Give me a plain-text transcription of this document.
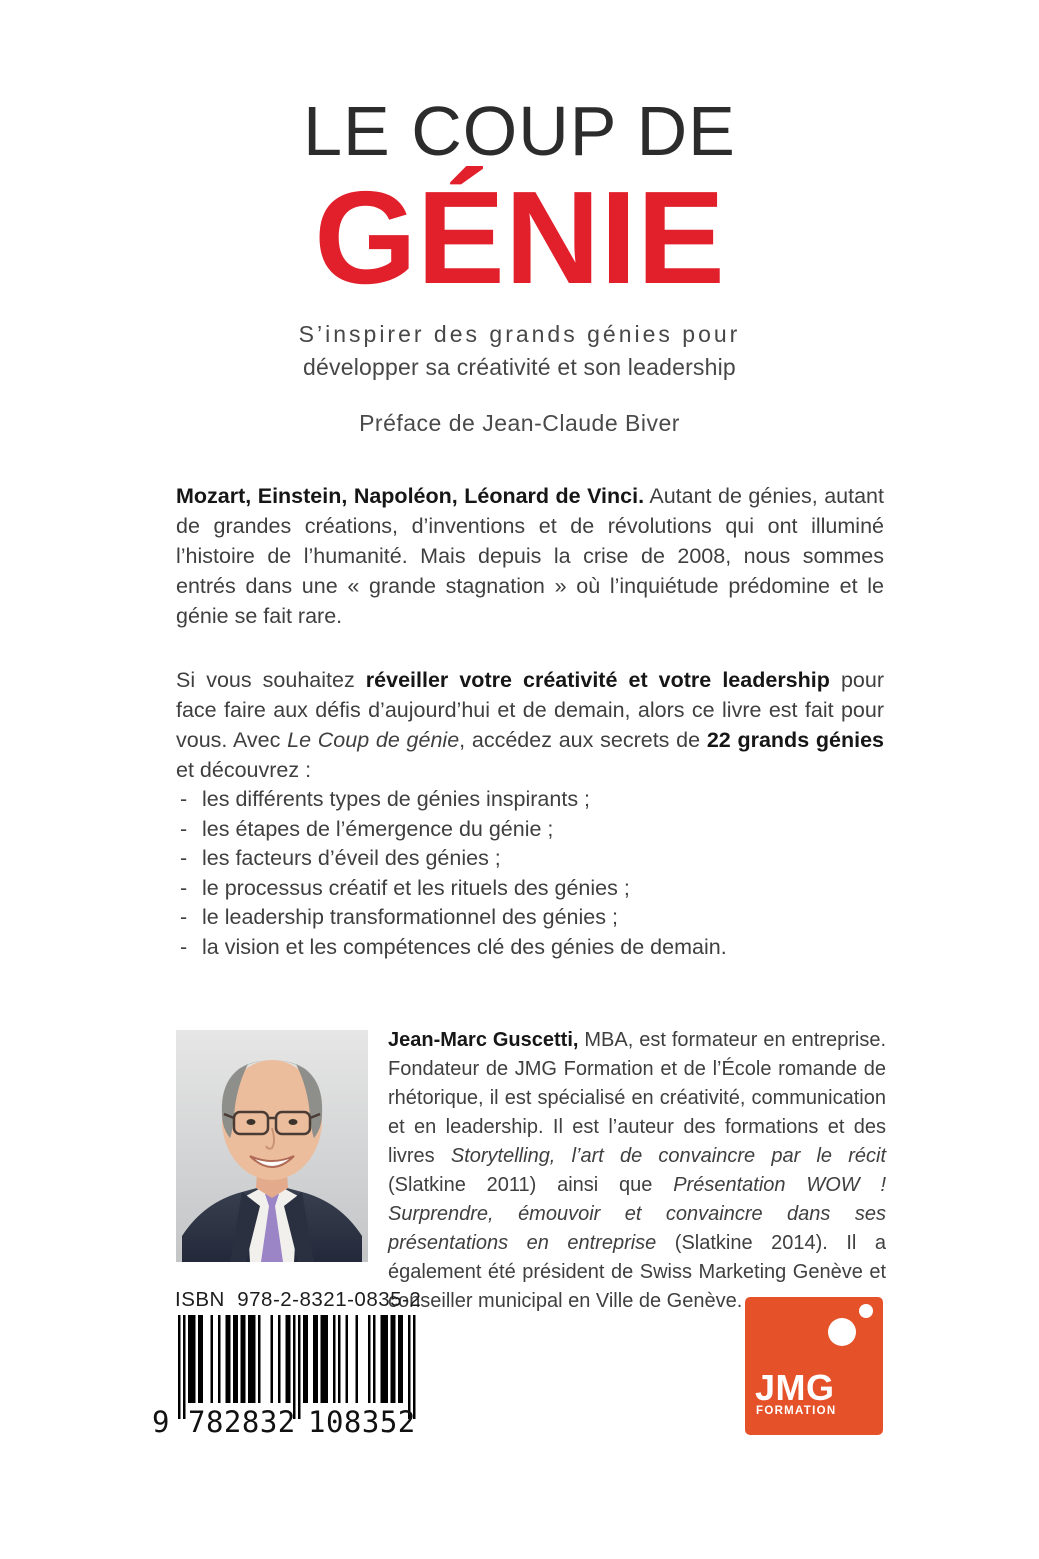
LE COUP DE
GÉNIE
S’inspirer des grands génies pour
développer sa créativité et son leadership
Préface de Jean-Claude Biver

Mozart, Einstein, Napoléon, Léonard de Vinci. Autant de génies, autant de grandes créations, d’inventions et de révolutions qui ont illuminé l’histoire de l’humanité. Mais depuis la crise de 2008, nous sommes entrés dans une « grande stagnation » où l’inquiétude prédomine et le génie se fait rare.

Si vous souhaitez réveiller votre créativité et votre leadership pour face faire aux défis d’aujourd’hui et de demain, alors ce livre est fait pour vous. Avec Le Coup de génie, accédez aux secrets de 22 grands génies et découvrez :

- les différents types de génies inspirants ;
- les étapes de l’émergence du génie ;
- les facteurs d’éveil des génies ;
- le processus créatif et les rituels des génies ;
- le leadership transformationnel des génies ;
- la vision et les compétences clé des génies de demain.

Jean-Marc Guscetti, MBA, est formateur en entreprise. Fondateur de JMG Formation et de l’École romande de rhétorique, il est spécialisé en créativité, communication et en leadership. Il est l’auteur des formations et des livres Storytelling, l’art de convaincre par le récit (Slatkine 2011) ainsi que Présentation WOW ! Surprendre, émouvoir et convaincre dans ses présentations en entreprise (Slatkine 2014). Il a également été président de Swiss Marketing Genève et conseiller municipal en Ville de Genève.

ISBN  978-2-8321-0835-2
9 782832 108352
JMG
FORMATION
